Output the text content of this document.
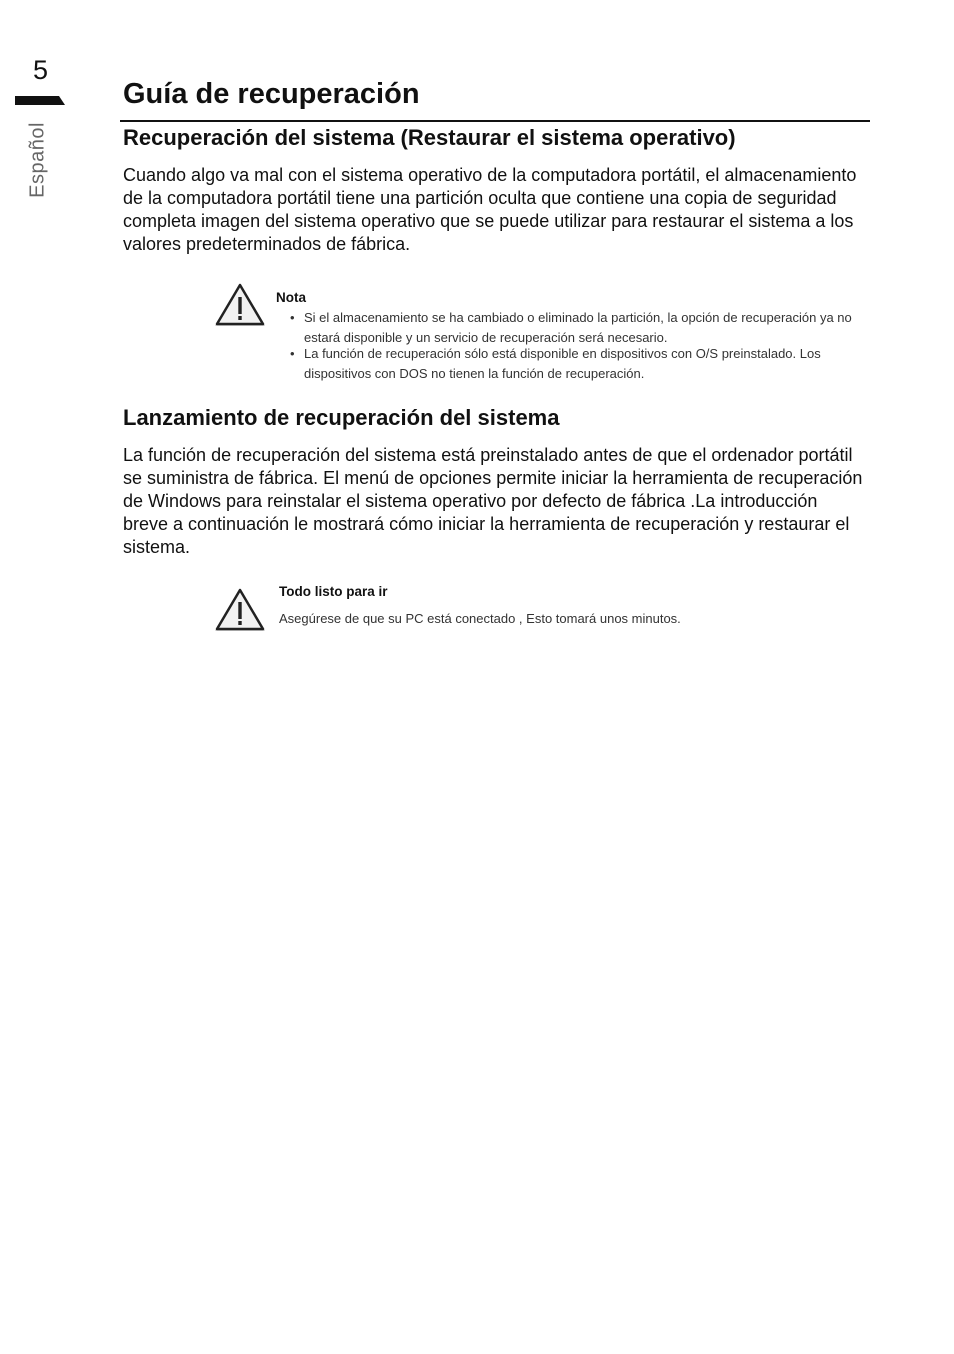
5
Español
Guía de recuperación
Recuperación del sistema (Restaurar el sistema operativo)

Cuando algo va mal con el sistema operativo de la computadora portátil, el almacenamiento de la computadora portátil tiene una partición oculta que contiene una copia de seguridad completa imagen del sistema operativo que se puede utilizar para restaurar el sistema a los valores predeterminados de fábrica.

Nota
• Si el almacenamiento se ha cambiado o eliminado la partición, la opción de recuperación ya no estará disponible y un servicio de recuperación será necesario.
• La función de recuperación sólo está disponible en dispositivos con O/S preinstalado. Los dispositivos con DOS no tienen la función de recuperación.
Lanzamiento de recuperación del sistema

La función de recuperación del sistema está preinstalado antes de que el ordenador portátil se suministra de fábrica. El menú de opciones permite iniciar la herramienta de recuperación de Windows para reinstalar el sistema operativo por defecto de fábrica .La introducción breve a continuación le mostrará cómo iniciar la herramienta de recuperación y restaurar el sistema.

Todo listo para ir
Asegúrese de que su PC está conectado , Esto tomará unos minutos.
